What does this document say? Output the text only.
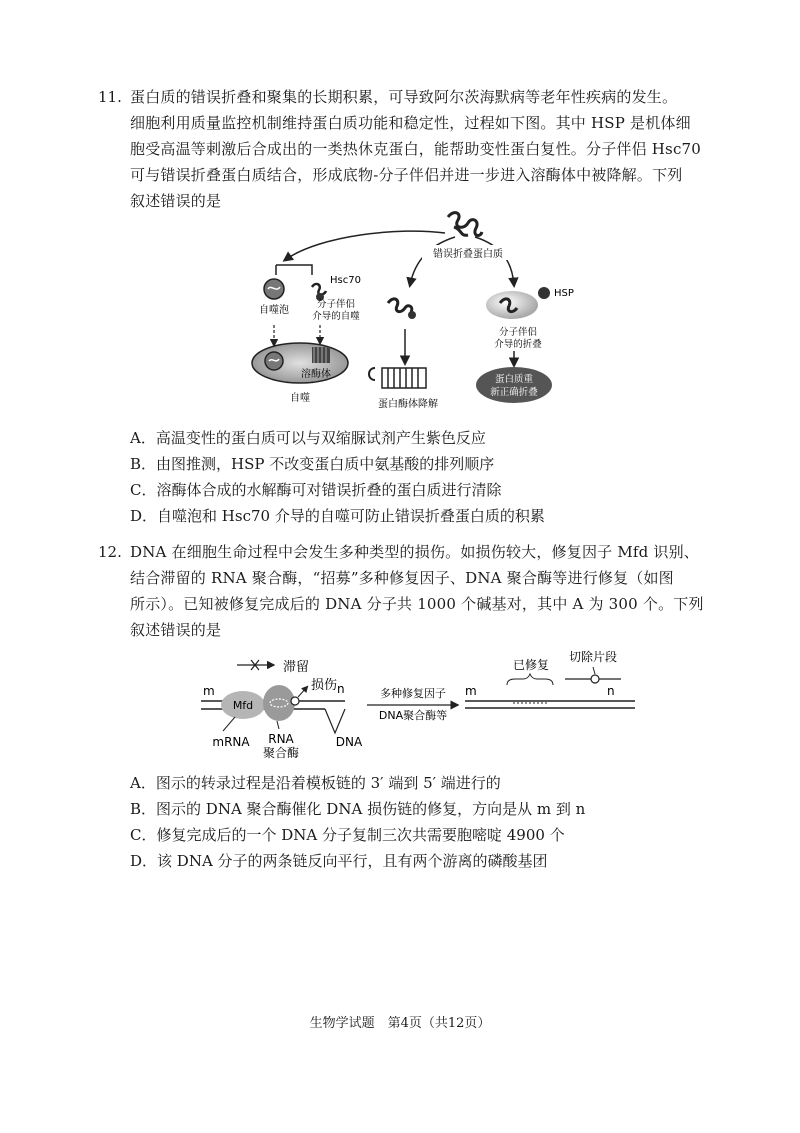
11. 蛋白质的错误折叠和聚集的长期积累，可导致阿尔茨海默病等老年性疾病的发生。
细胞利用质量监控机制维持蛋白质功能和稳定性，过程如下图。其中 HSP 是机体细
胞受高温等刺激后合成出的一类热休克蛋白，能帮助变性蛋白复性。分子伴侣 Hsc70
可与错误折叠蛋白质结合，形成底物-分子伴侣并进一步进入溶酶体中被降解。下列
叙述错误的是
错误折叠蛋白质
自噬泡
Hsc70
分子伴侣
介导的自噬
溶酶体
自噬
蛋白酶体降解
HSP
分子伴侣
介导的折叠
蛋白质重
新正确折叠
A．高温变性的蛋白质可以与双缩脲试剂产生紫色反应
B．由图推测，HSP 不改变蛋白质中氨基酸的排列顺序
C．溶酶体合成的水解酶可对错误折叠的蛋白质进行清除
D．自噬泡和 Hsc70 介导的自噬可防止错误折叠蛋白质的积累
12. DNA 在细胞生命过程中会发生多种类型的损伤。如损伤较大，修复因子 Mfd 识别、
结合滞留的 RNA 聚合酶，“招募”多种修复因子、DNA 聚合酶等进行修复（如图
所示）。已知被修复完成后的 DNA 分子共 1000 个碱基对，其中 A 为 300 个。下列
叙述错误的是
滞留
m	n
Mfd
损伤
mRNA RNA
聚合酶
DNA
多种修复因子
DNA聚合酶等
m	n
已修复
切除片段
A．图示的转录过程是沿着模板链的 3′ 端到 5′ 端进行的
B．图示的 DNA 聚合酶催化 DNA 损伤链的修复，方向是从 m 到 n
C．修复完成后的一个 DNA 分子复制三次共需要胞嘧啶 4900 个
D．该 DNA 分子的两条链反向平行，且有两个游离的磷酸基团
生物学试题　第4页（共12页）
